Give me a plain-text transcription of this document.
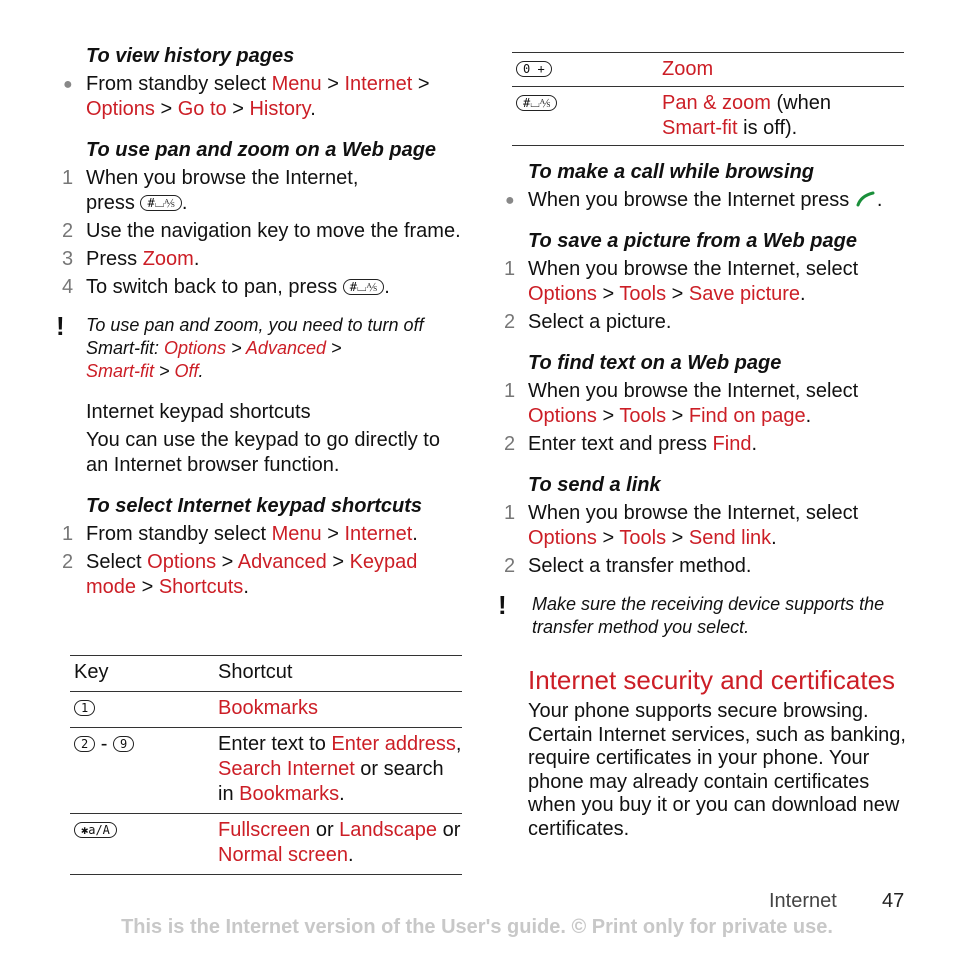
To view history pages
● From standby select Menu > Internet >
Options > Go to > History.
To use pan and zoom on a Web page
1 When you browse the Internet,
press #⌴⅍ .
2 Use the navigation key to move the frame.
3 Press Zoom.
4 To switch back to pan, press #⌴⅍ .
! To use pan and zoom, you need to turn off Smart-fit: Options > Advanced >
Smart-fit > Off.
Internet keypad shortcuts
You can use the keypad to go directly to an Internet browser function.
To select Internet keypad shortcuts
1 From standby select Menu > Internet.
2 Select Options > Advanced > Keypad
mode > Shortcuts.
Key	Shortcut
1	Bookmarks
2 - 9	Enter text to Enter address, Search Internet or search in Bookmarks.
✱a/A	Fullscreen or Landscape or Normal screen.
0 +	Zoom
#⌴⅍	Pan & zoom (when
Smart-fit is off).
To make a call while browsing
● When you browse the Internet press .
To save a picture from a Web page
1 When you browse the Internet, select
Options > Tools > Save picture.
2 Select a picture.
To find text on a Web page
1 When you browse the Internet, select
Options > Tools > Find on page.
2 Enter text and press Find.
To send a link
1 When you browse the Internet, select
Options > Tools > Send link.
2 Select a transfer method.
! Make sure the receiving device supports the transfer method you select.
Internet security and certificates
Your phone supports secure browsing. Certain Internet services, such as banking, require certificates in your phone. Your phone may already contain certificates when you buy it or you can download new certificates.
Internet 47
This is the Internet version of the User's guide. © Print only for private use.
